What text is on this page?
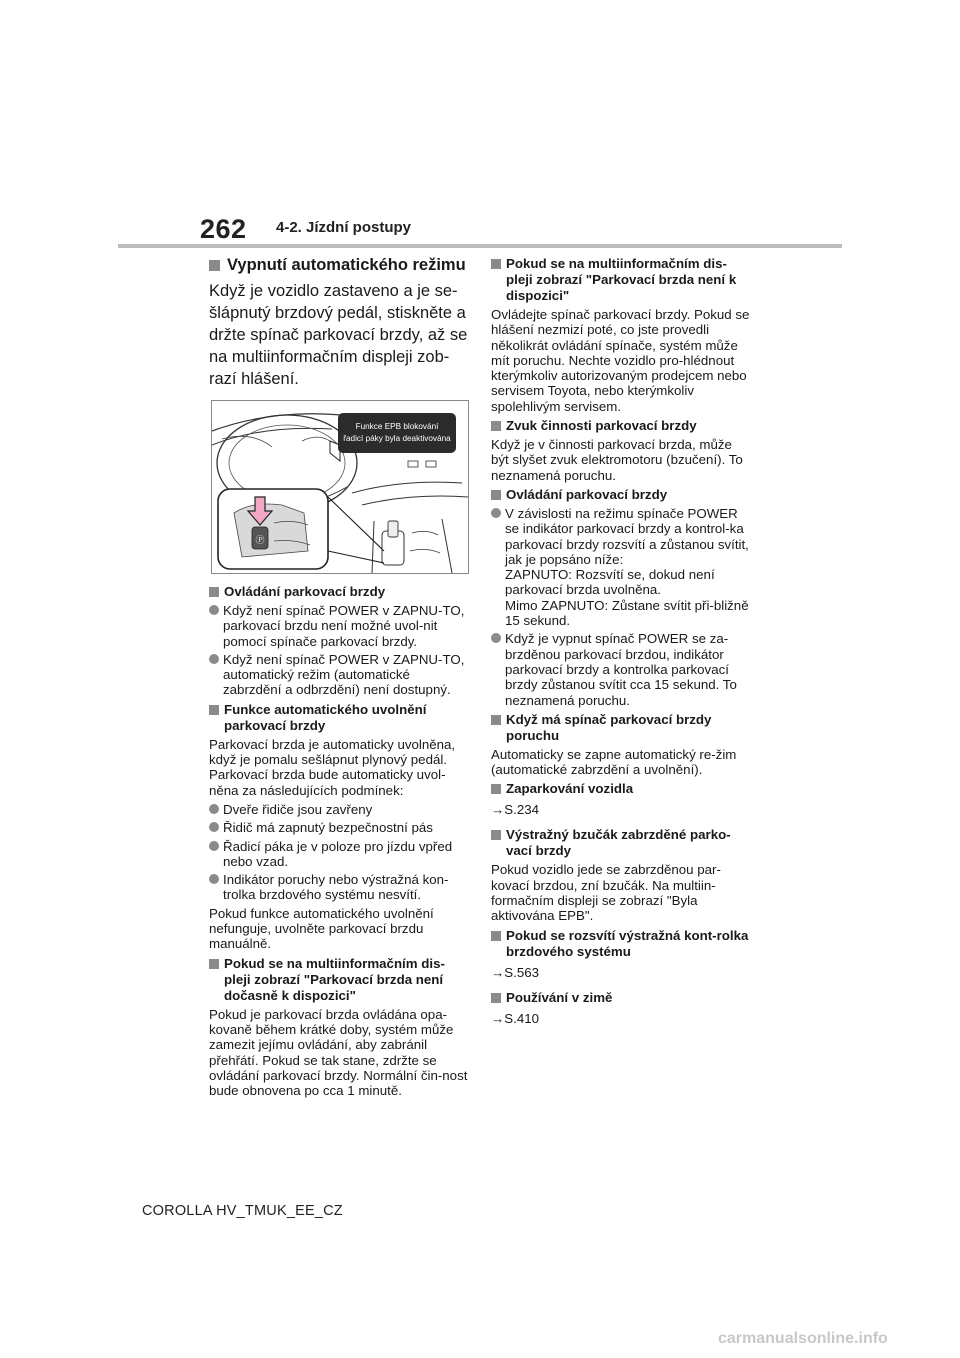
262 4-2. Jízdní postupy
Vypnutí automatického režimu

Když je vozidlo zastaveno a je se-šlápnutý brzdový pedál, stiskněte a držte spínač parkovací brzdy, až se na multiinformačním displeji zob-razí hlášení.

Funkce EPB blokování
řadicí páky byla deaktivována
Ⓟ
Ovládání parkovací brzdy
Když není spínač POWER v ZAPNU-TO, parkovací brzdu není možné uvol-nit pomocí spínače parkovací brzdy.
Když není spínač POWER v ZAPNU-TO, automatický režim (automatické zabrzdění a odbrzdění) není dostupný.
Funkce automatického uvolnění parkovací brzdy

Parkovací brzda je automaticky uvolněna, když je pomalu sešlápnut plynový pedál. Parkovací brzda bude automaticky uvol-něna za následujících podmínek:

Dveře řidiče jsou zavřeny
Řidič má zapnutý bezpečnostní pás
Řadicí páka je v poloze pro jízdu vpřed nebo vzad.
Indikátor poruchy nebo výstražná kon-trolka brzdového systému nesvítí.

Pokud funkce automatického uvolnění nefunguje, uvolněte parkovací brzdu manuálně.

Pokud se na multiinformačním dis-pleji zobrazí "Parkovací brzda není dočasně k dispozici"

Pokud je parkovací brzda ovládána opa-kovaně během krátké doby, systém může zamezit jejímu ovládání, aby zabránil přehřátí. Pokud se tak stane, zdržte se ovládání parkovací brzdy. Normální čin-nost bude obnovena po cca 1 minutě.

Pokud se na multiinformačním dis-pleji zobrazí "Parkovací brzda není k dispozici"

Ovládejte spínač parkovací brzdy. Pokud se hlášení nezmizí poté, co jste provedli několikrát ovládání spínače, systém může mít poruchu. Nechte vozidlo pro-hlédnout kterýmkoliv autorizovaným prodejcem nebo servisem Toyota, nebo kterýmkoliv spolehlivým servisem.

Zvuk činnosti parkovací brzdy

Když je v činnosti parkovací brzda, může být slyšet zvuk elektromotoru (bzučení). To neznamená poruchu.

Ovládání parkovací brzdy
V závislosti na režimu spínače POWER se indikátor parkovací brzdy a kontrol-ka parkovací brzdy rozsvítí a zůstanou svítit, jak je popsáno níže:
ZAPNUTO: Rozsvítí se, dokud není parkovací brzda uvolněna.
Mimo ZAPNUTO: Zůstane svítit při-bližně 15 sekund.
Když je vypnut spínač POWER se za-brzděnou parkovací brzdou, indikátor parkovací brzdy a kontrolka parkovací brzdy zůstanou svítit cca 15 sekund. To neznamená poruchu.
Když má spínač parkovací brzdy poruchu

Automaticky se zapne automatický re-žim (automatické zabrzdění a uvolnění).

Zaparkování vozidla
→S.234
Výstražný bzučák zabrzděné parko-vací brzdy

Pokud vozidlo jede se zabrzděnou par-kovací brzdou, zní bzučák. Na multiin-formačním displeji se zobrazí "Byla aktivována EPB".

Pokud se rozsvítí výstražná kont-rolka brzdového systému
→S.563
Používání v zimě
→S.410
COROLLA HV_TMUK_EE_CZ
carmanualsonline.info
